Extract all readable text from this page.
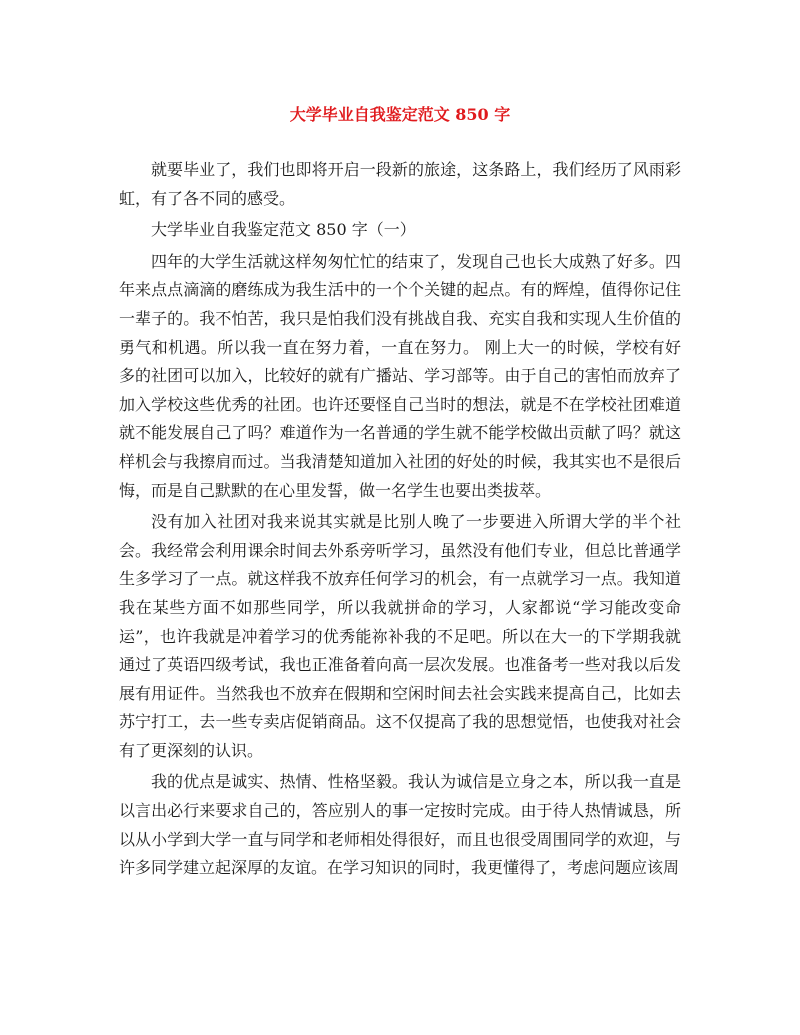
大学毕业自我鉴定范文 850 字

就要毕业了，我们也即将开启一段新的旅途，这条路上，我们经历了风雨彩虹，有了各不同的感受。

大学毕业自我鉴定范文 850 字（一）

四年的大学生活就这样匆匆忙忙的结束了，发现自己也长大成熟了好多。四年来点点滴滴的磨练成为我生活中的一个个关键的起点。有的辉煌，值得你记住一辈子的。我不怕苦，我只是怕我们没有挑战自我、充实自我和实现人生价值的勇气和机遇。所以我一直在努力着，一直在努力。 刚上大一的时候，学校有好多的社团可以加入，比较好的就有广播站、学习部等。由于自己的害怕而放弃了加入学校这些优秀的社团。也许还要怪自己当时的想法，就是不在学校社团难道就不能发展自己了吗？难道作为一名普通的学生就不能学校做出贡献了吗？就这样机会与我擦肩而过。当我清楚知道加入社团的好处的时候，我其实也不是很后悔，而是自己默默的在心里发誓，做一名学生也要出类拔萃。

没有加入社团对我来说其实就是比别人晚了一步要进入所谓大学的半个社会。我经常会利用课余时间去外系旁听学习，虽然没有他们专业，但总比普通学生多学习了一点。就这样我不放弃任何学习的机会，有一点就学习一点。我知道我在某些方面不如那些同学，所以我就拼命的学习，人家都说“学习能改变命运”，也许我就是冲着学习的优秀能祢补我的不足吧。所以在大一的下学期我就通过了英语四级考试，我也正准备着向高一层次发展。也准备考一些对我以后发展有用证件。当然我也不放弃在假期和空闲时间去社会实践来提高自己，比如去苏宁打工，去一些专卖店促销商品。这不仅提高了我的思想觉悟，也使我对社会有了更深刻的认识。

我的优点是诚实、热情、性格坚毅。我认为诚信是立身之本，所以我一直是以言出必行来要求自己的，答应别人的事一定按时完成。由于待人热情诚恳，所以从小学到大学一直与同学和老师相处得很好，而且也很受周围同学的欢迎，与许多同学建立起深厚的友谊。在学习知识的同时，我更懂得了，考虑问题应该周
